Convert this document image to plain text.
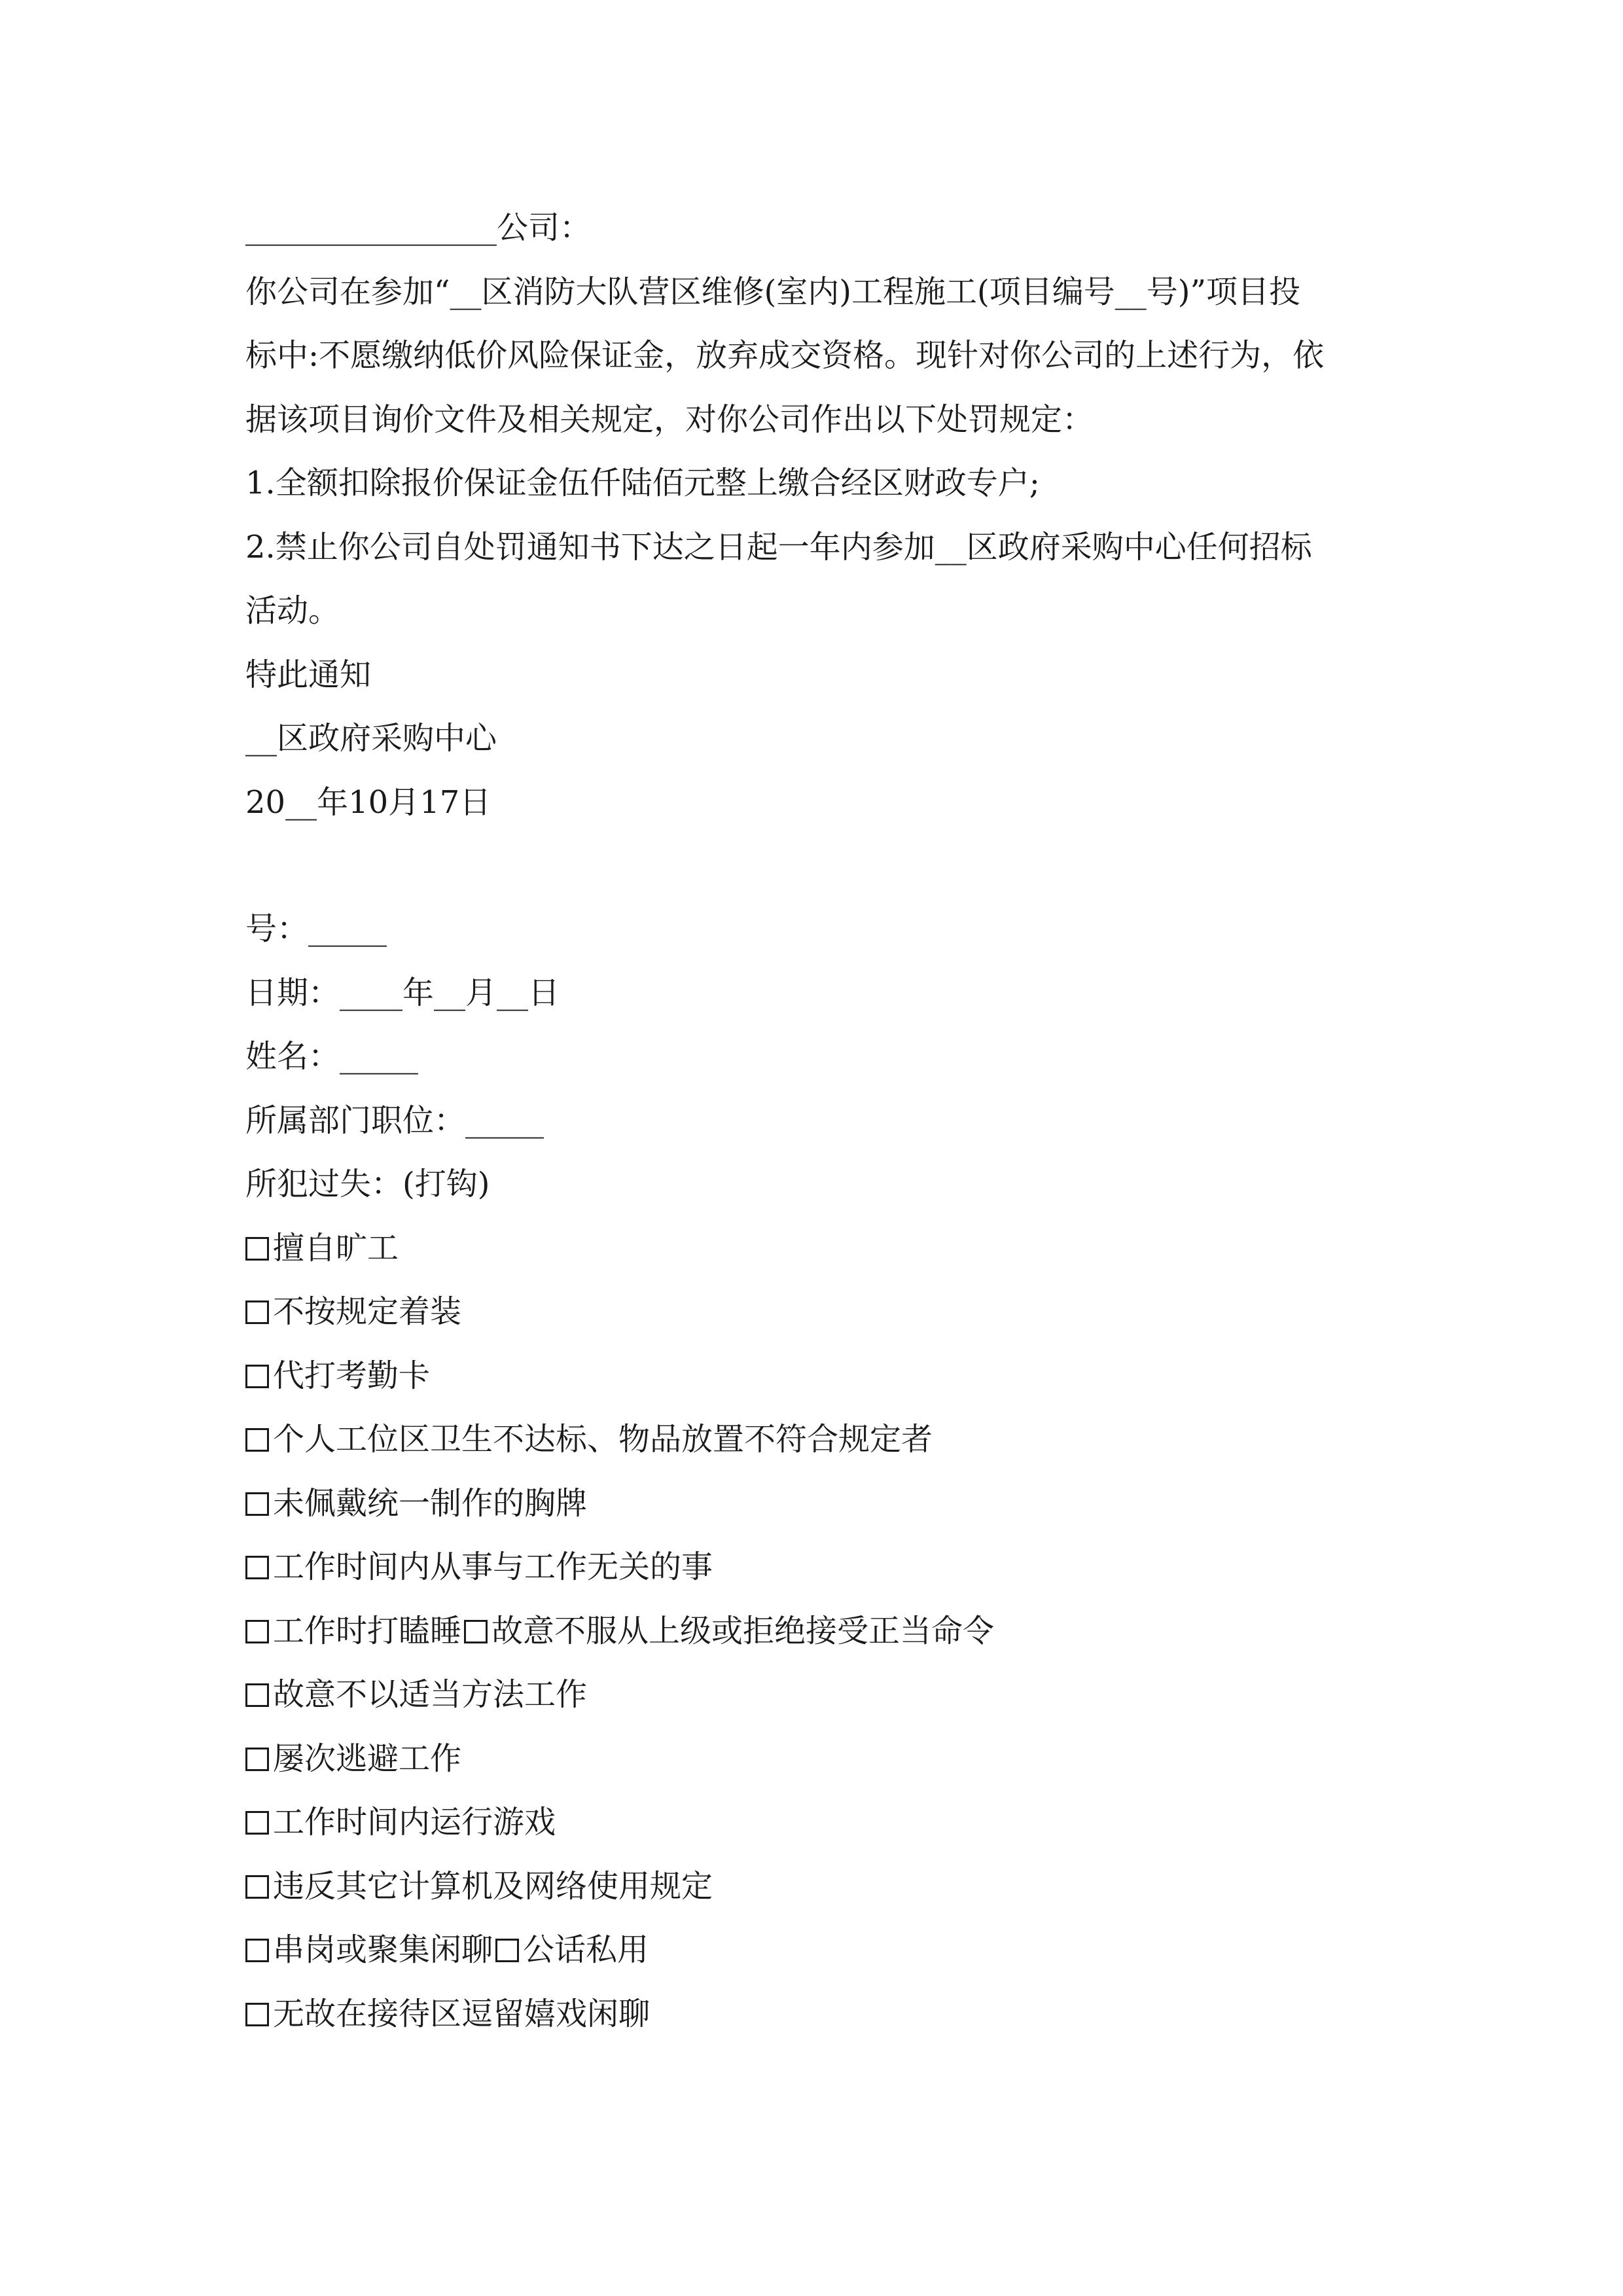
________________公司：
你公司在参加“__区消防大队营区维修(室内)工程施工(项目编号__号)”项目投
标中:不愿缴纳低价风险保证金，放弃成交资格。现针对你公司的上述行为，依
据该项目询价文件及相关规定，对你公司作出以下处罚规定：
1.全额扣除报价保证金伍仟陆佰元整上缴合经区财政专户;
2.禁止你公司自处罚通知书下达之日起一年内参加__区政府采购中心任何招标
活动。
特此通知
__区政府采购中心
20__年10月17日
号：_____
日期：____年__月__日
姓名：_____
所属部门职位：_____
所犯过失：(打钩)
擅自旷工
不按规定着装
代打考勤卡
个人工位区卫生不达标、物品放置不符合规定者
未佩戴统一制作的胸牌
工作时间内从事与工作无关的事
工作时打瞌睡 故意不服从上级或拒绝接受正当命令
故意不以适当方法工作
屡次逃避工作
工作时间内运行游戏
违反其它计算机及网络使用规定
串岗或聚集闲聊 公话私用
无故在接待区逗留嬉戏闲聊
